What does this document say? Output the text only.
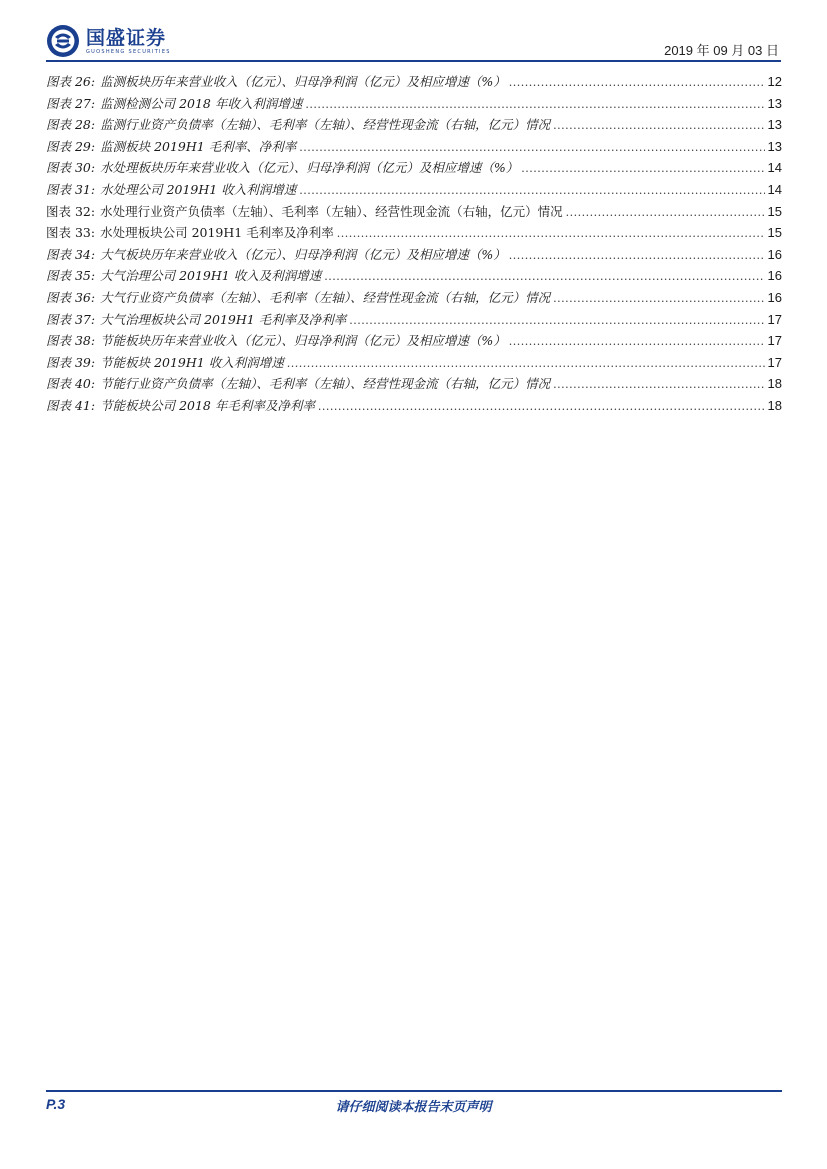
国盛证券
GUOSHENG SECURITIES	2019 年 09 月 03 日
图表 26: 监测板块历年来营业收入（亿元）、归母净利润（亿元）及相应增速（%） .....	12
图表 27: 监测检测公司 2018 年收入利润增速 .....	13
图表 28: 监测行业资产负债率（左轴）、毛利率（左轴）、经营性现金流（右轴，亿元）情况 .....	13
图表 29: 监测板块 2019H1 毛利率、净利率 .....	13
图表 30: 水处理板块历年来营业收入（亿元）、归母净利润（亿元）及相应增速（%） .....	14
图表 31: 水处理公司 2019H1 收入利润增速 .....	14
图表 32: 水处理行业资产负债率（左轴）、毛利率（左轴）、经营性现金流（右轴，亿元）情况 .....	15
图表 33: 水处理板块公司 2019H1 毛利率及净利率 .....	15
图表 34: 大气板块历年来营业收入（亿元）、归母净利润（亿元）及相应增速（%） .....	16
图表 35: 大气治理公司 2019H1 收入及利润增速 .....	16
图表 36: 大气行业资产负债率（左轴）、毛利率（左轴）、经营性现金流（右轴，亿元）情况 .....	16
图表 37: 大气治理板块公司 2019H1 毛利率及净利率 .....	17
图表 38: 节能板块历年来营业收入（亿元）、归母净利润（亿元）及相应增速（%） .....	17
图表 39: 节能板块 2019H1 收入利润增速 .....	17
图表 40: 节能行业资产负债率（左轴）、毛利率（左轴）、经营性现金流（右轴，亿元）情况 .....	18
图表 41: 节能板块公司 2018 年毛利率及净利率 .....	18
P.3	请仔细阅读本报告末页声明
